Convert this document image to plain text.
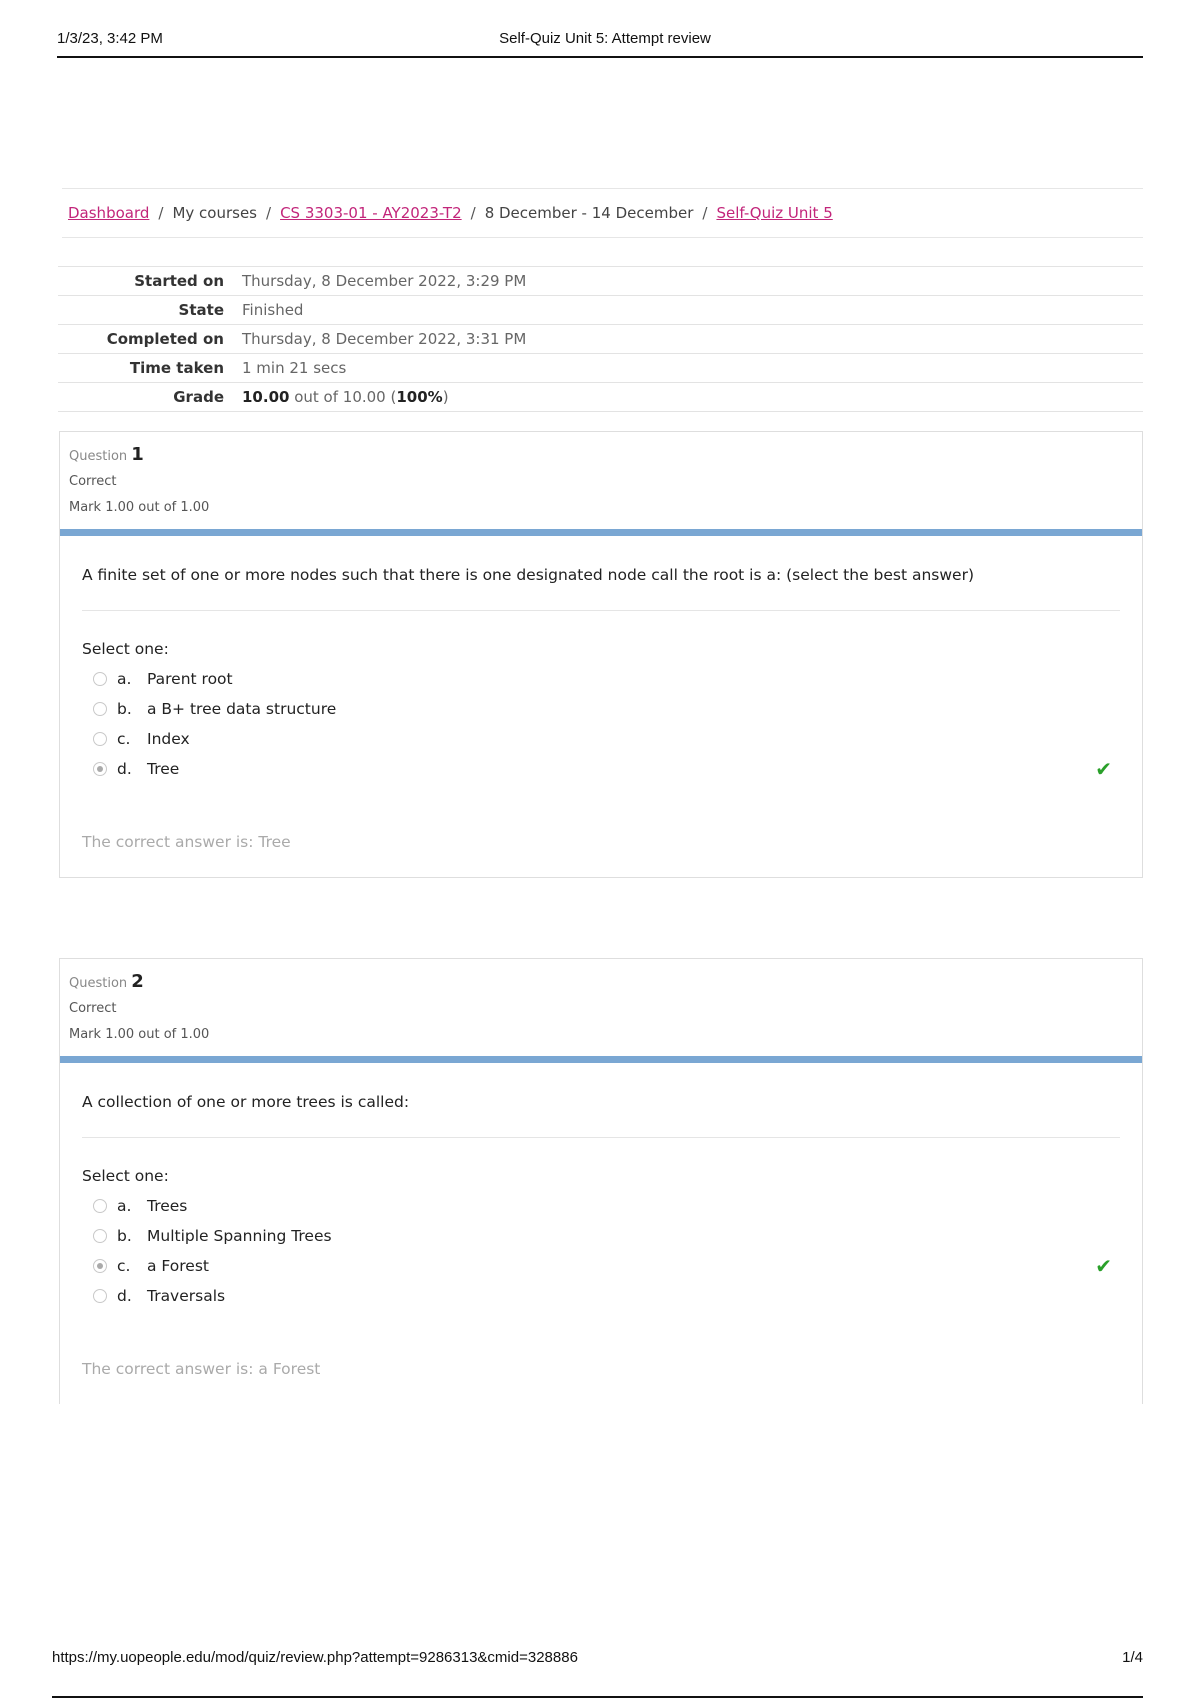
1/3/23, 3:42 PM	Self-Quiz Unit 5: Attempt review
Dashboard / My courses / CS 3303-01 - AY2023-T2 / 8 December - 14 December / Self-Quiz Unit 5
Started on Thursday, 8 December 2022, 3:29 PM
State Finished
Completed on Thursday, 8 December 2022, 3:31 PM
Time taken 1 min 21 secs
Grade 10.00 out of 10.00 (100%)
Question 1
Correct
Mark 1.00 out of 1.00
A finite set of one or more nodes such that there is one designated node call the root is a: (select the best answer)
Select one:
a.	Parent root
b. a B+ tree data structure
c.	Index
d. Tree	✔
The correct answer is: Tree
Question 2
Correct
Mark 1.00 out of 1.00
A collection of one or more trees is called:
Select one:
a.	Trees
b. Multiple Spanning Trees
c.	a Forest	✔
d. Traversals
The correct answer is: a Forest
https://my.uopeople.edu/mod/quiz/review.php?attempt=9286313&cmid=328886	1/4
